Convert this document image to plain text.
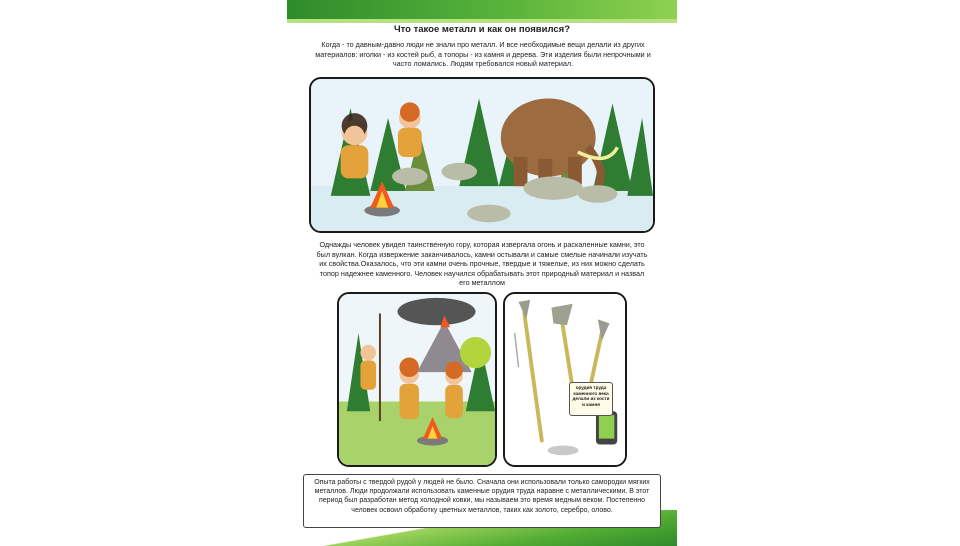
Что такое металл и как он появился?
Когда - то давным-давно люди не знали про металл. И все необходимые вещи делали из других материалов: иголки - из костей рыб, а топоры - из камня и дерева. Эти изделия были непрочными и часто ломались. Людям требовался новый материал.
Однажды человек увидел таинственную гору, которая извергала огонь и раскаленные камни, это был вулкан. Когда извержение заканчивалось, камни остывали и самые смелые начинали изучать их свойства.Оказалось, что эти камни очень прочные, твердые и тяжелые, из них можно сделать топор надежнее каменного. Человек научился обрабатывать этот природный материал и назвал его металлом
орудия труда каменного века делали из кости и камня
Опыта работы с твердой рудой у людей не было. Сначала они использовали только самородки мягких металлов. Люди продолжали использовать каменные орудия труда наравне с металлическими. В этот период был разработан метод холодной ковки, мы называем это время медным веком. Постепенно человек освоил обработку цветных металлов, таких как золото, серебро, олово.
